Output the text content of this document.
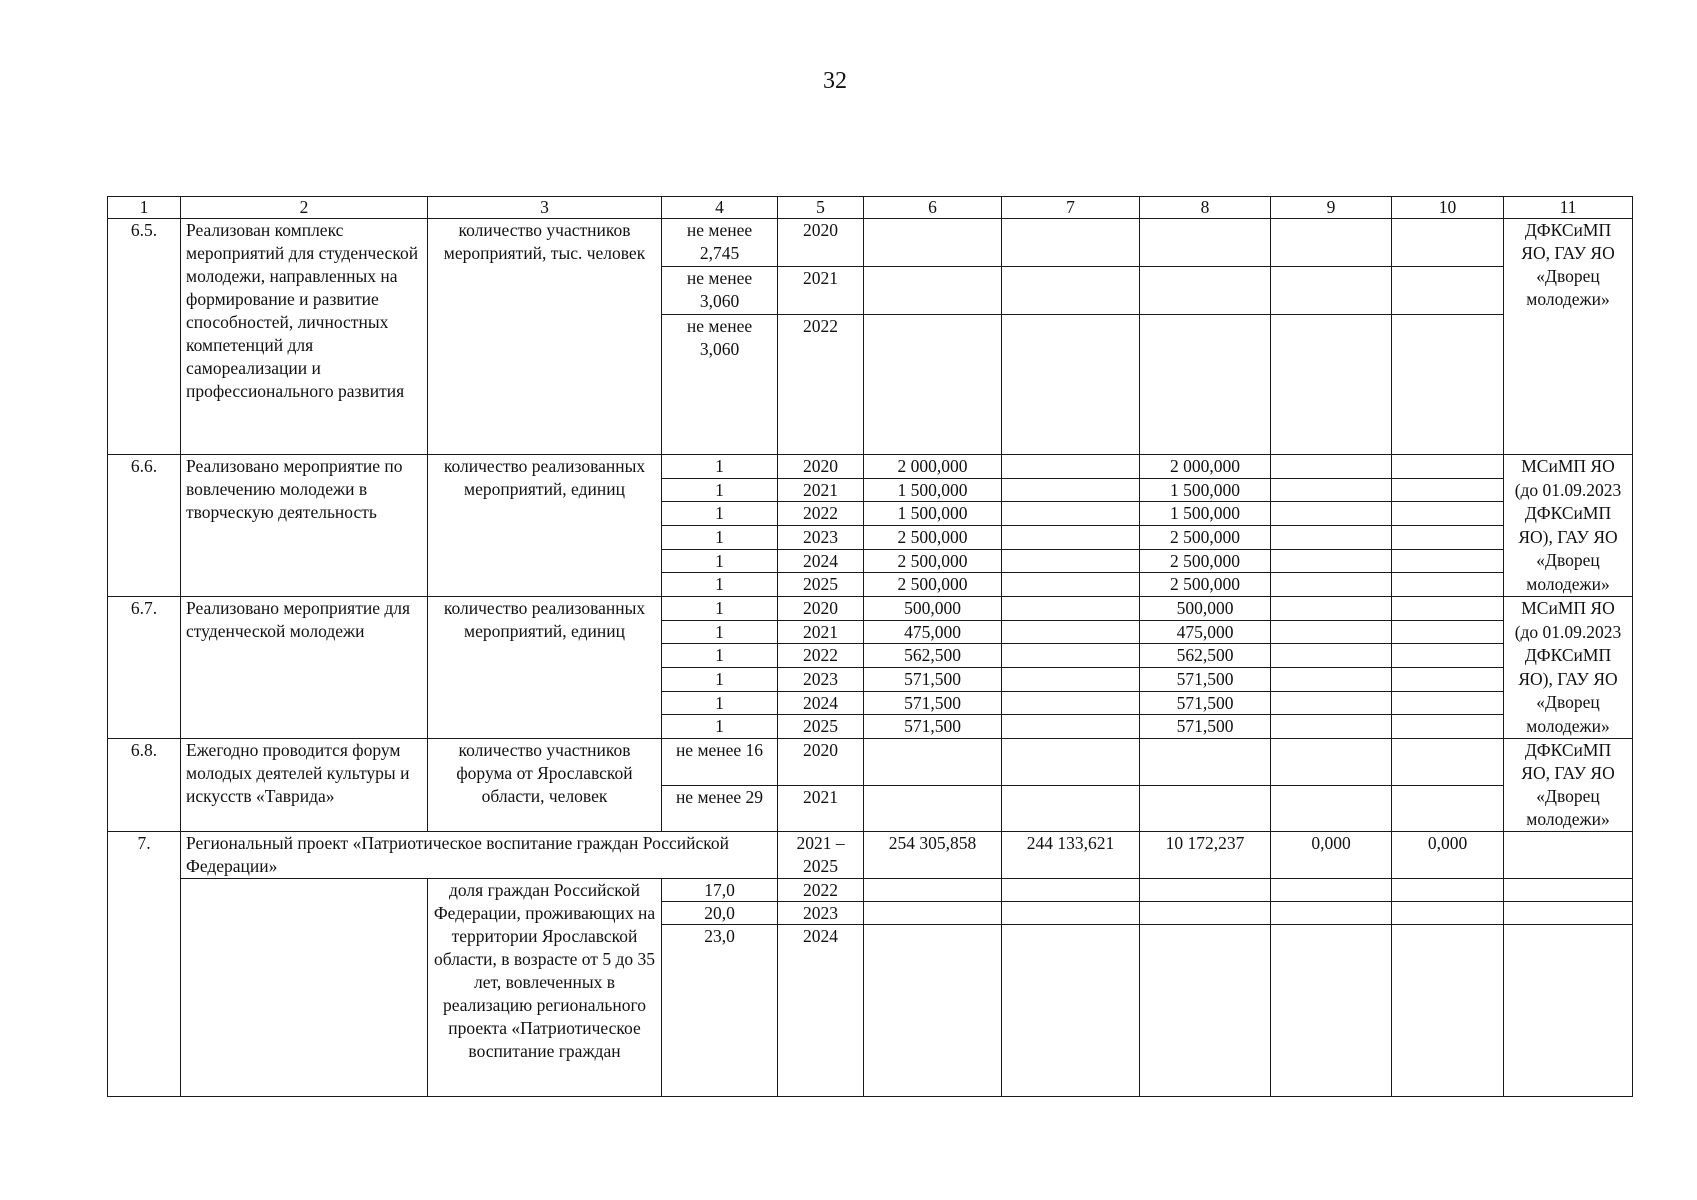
32
1	2	3	4	5	6	7	8	9	10	11
6.5.	Реализован комплекс мероприятий для студенческой молодежи, направленных на формирование и развитие способностей, личностных компетенций для самореализации и профессионального развития	количество участников мероприятий, тыс. человек	не менее 2,745	2020						ДФКСиМП ЯО, ГАУ ЯО «Дворец молодежи»
			не менее 3,060	2021						
			не менее 3,060	2022						
6.6.	Реализовано мероприятие по вовлечению молодежи в творческую деятельность	количество реализованных мероприятий, единиц	1	2020	2 000,000		2 000,000			МСиМП ЯО (до 01.09.2023 ДФКСиМП ЯО), ГАУ ЯО «Дворец молодежи»
			1	2021	1 500,000		1 500,000			
			1	2022	1 500,000		1 500,000			
			1	2023	2 500,000		2 500,000			
			1	2024	2 500,000		2 500,000			
			1	2025	2 500,000		2 500,000			
6.7.	Реализовано мероприятие для студенческой молодежи	количество реализованных мероприятий, единиц	1	2020	500,000		500,000			МСиМП ЯО (до 01.09.2023 ДФКСиМП ЯО), ГАУ ЯО «Дворец молодежи»
			1	2021	475,000		475,000			
			1	2022	562,500		562,500			
			1	2023	571,500		571,500			
			1	2024	571,500		571,500			
			1	2025	571,500		571,500			
6.8.	Ежегодно проводится форум молодых деятелей культуры и искусств «Таврида»	количество участников форума от Ярославской области, человек	не менее 16	2020						ДФКСиМП ЯО, ГАУ ЯО «Дворец молодежи»
			не менее 29	2021						
7.	Региональный проект «Патриотическое воспитание граждан Российской Федерации»			2021 – 2025	254 305,858	244 133,621	10 172,237	0,000	0,000	
		доля граждан Российской Федерации, проживающих на территории Ярославской области, в возрасте от 5 до 35 лет, вовлеченных в реализацию регионального проекта «Патриотическое воспитание граждан	17,0	2022						
			20,0	2023						
			23,0	2024						
